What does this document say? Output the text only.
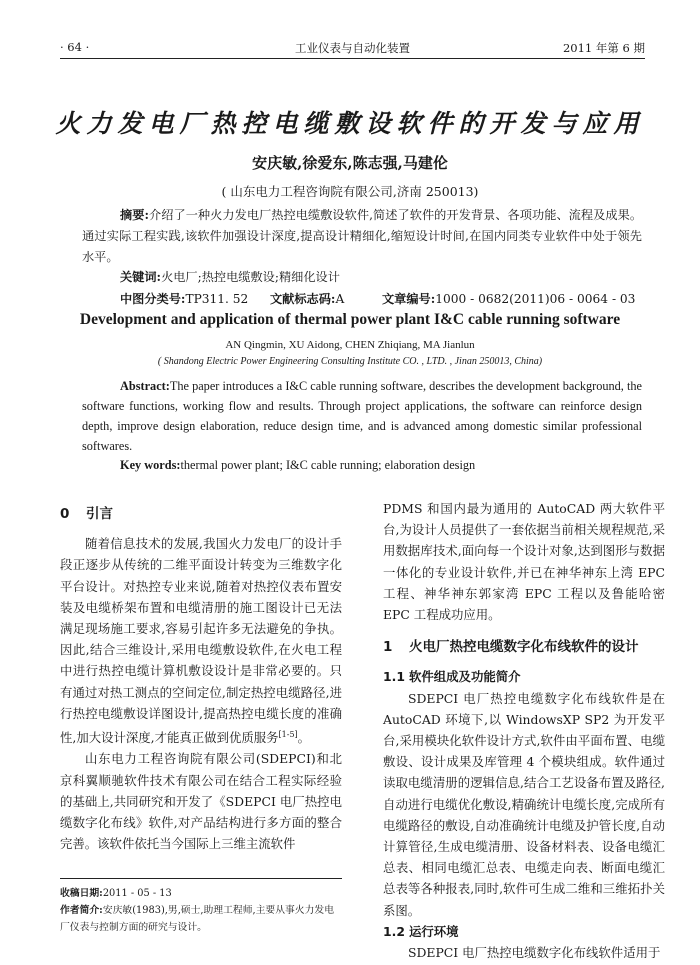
· 64 ·	工业仪表与自动化装置	2011 年第 6 期
火力发电厂热控电缆敷设软件的开发与应用
安庆敏,徐爱东,陈志强,马建伦
( 山东电力工程咨询院有限公司,济南 250013)
摘要:介绍了一种火力发电厂热控电缆敷设软件,简述了软件的开发背景、各项功能、流程及成果。通过实际工程实践,该软件加强设计深度,提高设计精细化,缩短设计时间,在国内同类专业软件中处于领先水平。
关键词:火电厂;热控电缆敷设;精细化设计
中图分类号:TP311. 52 文献标志码:A	文章编号:1000 - 0682(2011)06 - 0064 - 03
Development and application of thermal power plant I&C cable running software
AN Qingmin, XU Aidong, CHEN Zhiqiang, MA Jianlun
( Shandong Electric Power Engineering Consulting Institute CO. , LTD. , Jinan 250013, China)
Abstract:The paper introduces a I&C cable running software, describes the development background, the software functions, working flow and results. Through project applications, the software can reinforce design depth, improve design elaboration, reduce design time, and is advanced among domestic similar professional softwares.
Key words:thermal power plant; I&C cable running; elaboration design
0 引言

随着信息技术的发展,我国火力发电厂的设计手段正逐步从传统的二维平面设计转变为三维数字化平台设计。对热控专业来说,随着对热控仪表布置安装及电缆桥架布置和电缆清册的施工图设计已无法满足现场施工要求,容易引起许多无法避免的争执。因此,结合三维设计,采用电缆敷设软件,在火电工程中进行热控电缆计算机敷设设计是非常必要的。只有通过对热工测点的空间定位,制定热控电缆路径,进行热控电缆敷设详图设计,提高热控电缆长度的准确性,加大设计深度,才能真正做到优质服务[1-5]。

山东电力工程咨询院有限公司(SDEPCI)和北京科翼顺驰软件技术有限公司在结合工程实际经验的基础上,共同研究和开发了《SDEPCI 电厂热控电缆数字化布线》软件,对产品结构进行多方面的整合完善。该软件依托当今国际上三维主流软件

PDMS 和国内最为通用的 AutoCAD 两大软件平台,为设计人员提供了一套依据当前相关规程规范,采用数据库技术,面向每一个设计对象,达到图形与数据一体化的专业设计软件,并已在神华神东上湾 EPC 工程、神华神东郭家湾 EPC 工程以及鲁能哈密 EPC 工程成功应用。

1 火电厂热控电缆数字化布线软件的设计
1.1 软件组成及功能简介

SDEPCI 电厂热控电缆数字化布线软件是在 AutoCAD 环境下,以 WindowsXP SP2 为开发平台,采用模块化软件设计方式,软件由平面布置、电缆敷设、设计成果及库管理 4 个模块组成。软件通过读取电缆清册的逻辑信息,结合工艺设备布置及路径,自动进行电缆优化敷设,精确统计电缆长度,完成所有电缆路径的敷设,自动准确统计电缆及护管长度,自动计算管径,生成电缆清册、设备材料表、设备电缆汇总表、相同电缆汇总表、电缆走向表、断面电缆汇总表等各种报表,同时,软件可生成二维和三维拓扑关系图。

1.2 运行环境

SDEPCI 电厂热控电缆数字化布线软件适用于

收稿日期:2011 - 05 - 13
作者简介:安庆敏(1983),男,硕士,助理工程师,主要从事火力发电厂仪表与控制方面的研究与设计。
